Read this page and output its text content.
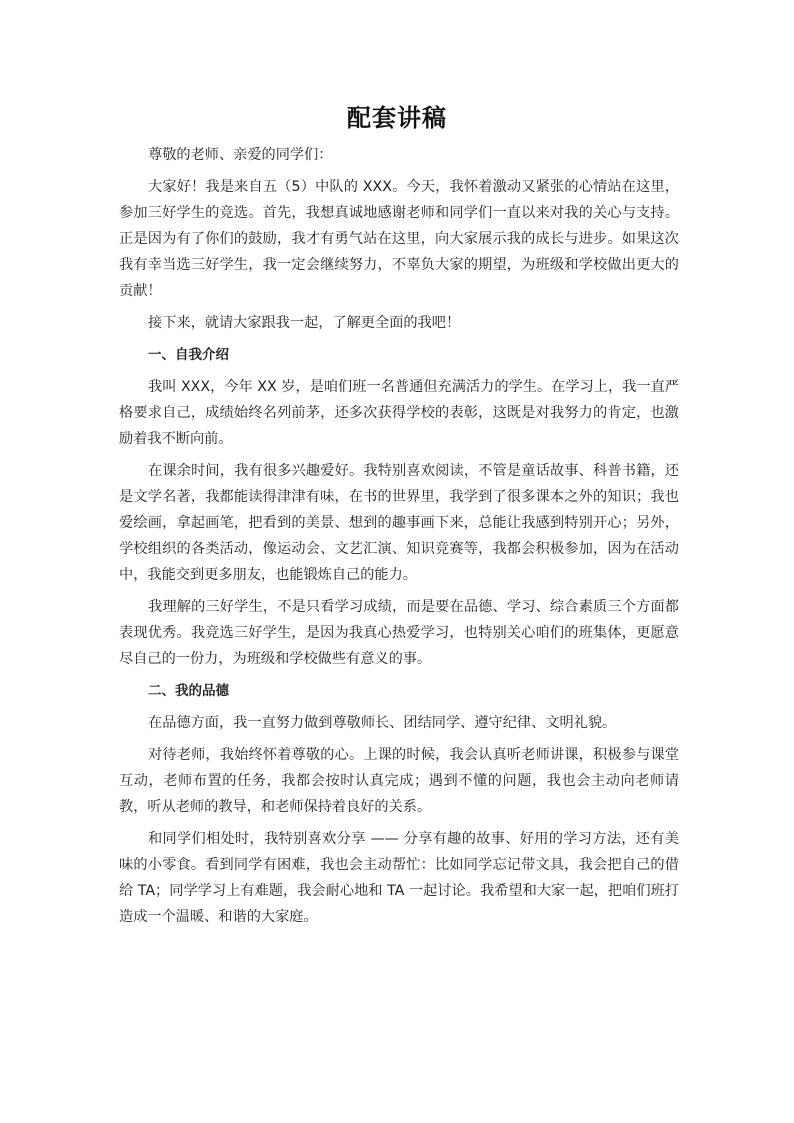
配套讲稿

尊敬的老师、亲爱的同学们：

大家好！我是来自五（5）中队的 XXX。今天，我怀着激动又紧张的心情站在这里，参加三好学生的竞选。首先，我想真诚地感谢老师和同学们一直以来对我的关心与支持。正是因为有了你们的鼓励，我才有勇气站在这里，向大家展示我的成长与进步。如果这次我有幸当选三好学生，我一定会继续努力，不辜负大家的期望，为班级和学校做出更大的贡献！

接下来，就请大家跟我一起，了解更全面的我吧！

一、自我介绍

我叫 XXX，今年 XX 岁，是咱们班一名普通但充满活力的学生。在学习上，我一直严格要求自己，成绩始终名列前茅，还多次获得学校的表彰，这既是对我努力的肯定，也激励着我不断向前。

在课余时间，我有很多兴趣爱好。我特别喜欢阅读，不管是童话故事、科普书籍，还是文学名著，我都能读得津津有味，在书的世界里，我学到了很多课本之外的知识；我也爱绘画，拿起画笔，把看到的美景、想到的趣事画下来，总能让我感到特别开心；另外，学校组织的各类活动，像运动会、文艺汇演、知识竞赛等，我都会积极参加，因为在活动中，我能交到更多朋友，也能锻炼自己的能力。

我理解的三好学生，不是只看学习成绩，而是要在品德、学习、综合素质三个方面都表现优秀。我竞选三好学生，是因为我真心热爱学习，也特别关心咱们的班集体，更愿意尽自己的一份力，为班级和学校做些有意义的事。

二、我的品德

在品德方面，我一直努力做到尊敬师长、团结同学、遵守纪律、文明礼貌。

对待老师，我始终怀着尊敬的心。上课的时候，我会认真听老师讲课，积极参与课堂互动，老师布置的任务，我都会按时认真完成；遇到不懂的问题，我也会主动向老师请教，听从老师的教导，和老师保持着良好的关系。

和同学们相处时，我特别喜欢分享 —— 分享有趣的故事、好用的学习方法，还有美味的小零食。看到同学有困难，我也会主动帮忙：比如同学忘记带文具，我会把自己的借给 TA；同学学习上有难题，我会耐心地和 TA 一起讨论。我希望和大家一起，把咱们班打造成一个温暖、和谐的大家庭。
